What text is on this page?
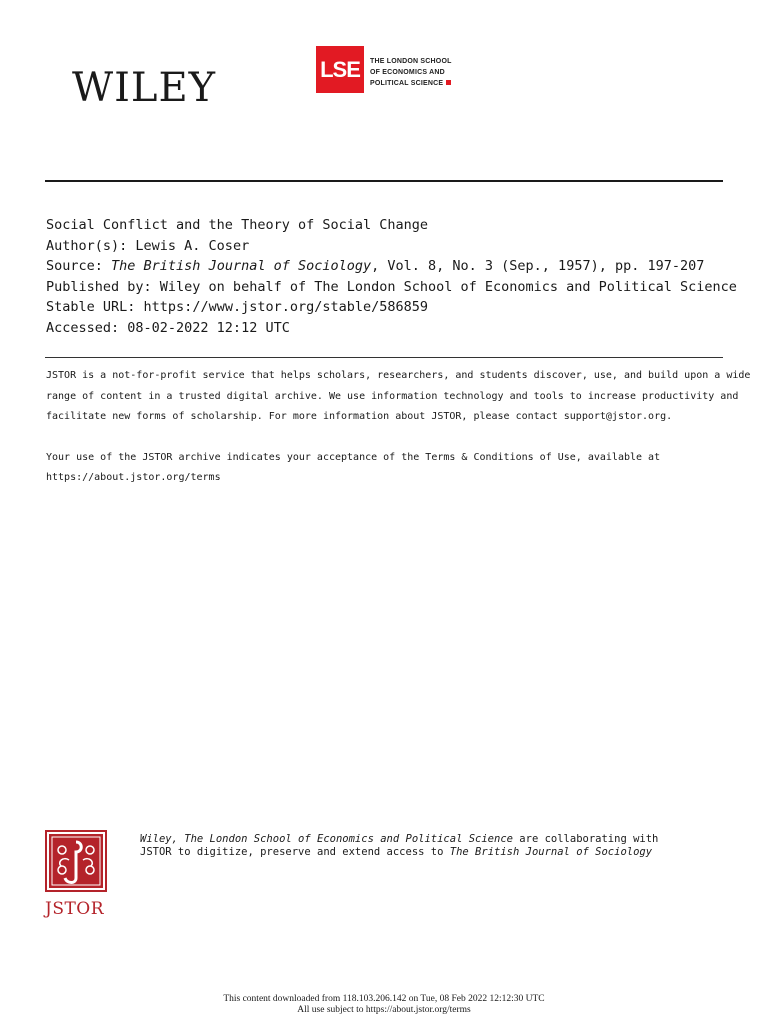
WILEY	LSE	THE LONDON SCHOOL
OF ECONOMICS AND
POLITICAL SCIENCE
Social Conflict and the Theory of Social Change
Author(s): Lewis A. Coser
Source: The British Journal of Sociology, Vol. 8, No. 3 (Sep., 1957), pp. 197-207
Published by: Wiley on behalf of The London School of Economics and Political Science
Stable URL: https://www.jstor.org/stable/586859
Accessed: 08-02-2022 12:12 UTC

JSTOR is a not-for-profit service that helps scholars, researchers, and students discover, use, and build upon a wide

range of content in a trusted digital archive. We use information technology and tools to increase productivity and

facilitate new forms of scholarship. For more information about JSTOR, please contact support@jstor.org.

Your use of the JSTOR archive indicates your acceptance of the Terms & Conditions of Use, available at

https://about.jstor.org/terms

JSTOR
Wiley, The London School of Economics and Political Science are collaborating with
JSTOR to digitize, preserve and extend access to The British Journal of Sociology
This content downloaded from 118.103.206.142 on Tue, 08 Feb 2022 12:12:30 UTC
All use subject to https://about.jstor.org/terms
